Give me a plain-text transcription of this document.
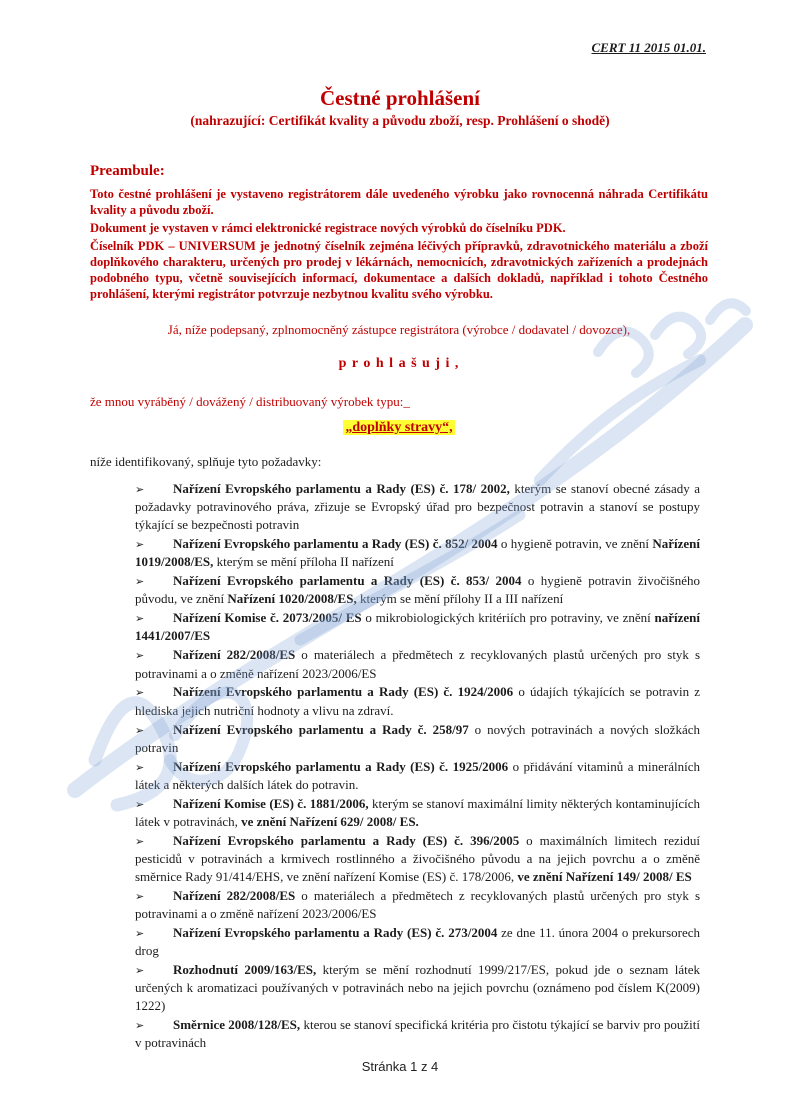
CERT 11 2015 01.01.
Čestné prohlášení
(nahrazující: Certifikát kvality a původu zboží, resp. Prohlášení o shodě)
Preambule:

Toto čestné prohlášení je vystaveno registrátorem dále uvedeného výrobku jako rovnocenná náhrada Certifikátu kvality a původu zboží.

Dokument je vystaven v rámci elektronické registrace nových výrobků do číselníku PDK.

Číselník PDK – UNIVERSUM je jednotný číselník zejména léčivých přípravků, zdravotnického materiálu a zboží doplňkového charakteru, určených pro prodej v lékárnách, nemocnicích, zdravotnických zařízeních a prodejnách podobného typu, včetně souvisejících informací, dokumentace a dalších dokladů, například i tohoto Čestného prohlášení, kterými registrátor potvrzuje nezbytnou kvalitu svého výrobku.

Já, níže podepsaný, zplnomocněný zástupce registrátora (výrobce / dodavatel / dovozce),

p r o h l a š u j i ,

že mnou vyráběný / dovážený / distribuovaný výrobek typu:_

„doplňky stravy“,

níže identifikovaný, splňuje tyto požadavky:

➢ Nařízení Evropského parlamentu a Rady (ES) č. 178/ 2002, kterým se stanoví obecné zásady a požadavky potravinového práva, zřizuje se Evropský úřad pro bezpečnost potravin a stanoví se postupy týkající se bezpečnosti potravin
➢ Nařízení Evropského parlamentu a Rady (ES) č. 852/ 2004 o hygieně potravin, ve znění Nařízení 1019/2008/ES, kterým se mění příloha II nařízení
➢ Nařízení Evropského parlamentu a Rady (ES) č. 853/ 2004 o hygieně potravin živočišného původu, ve znění Nařízení 1020/2008/ES, kterým se mění přílohy II a III nařízení
➢ Nařízení Komise č. 2073/2005/ ES o mikrobiologických kritériích pro potraviny, ve znění nařízení 1441/2007/ES
➢ Nařízení 282/2008/ES o materiálech a předmětech z recyklovaných plastů určených pro styk s potravinami a o změně nařízení 2023/2006/ES
➢ Nařízení Evropského parlamentu a Rady (ES) č. 1924/2006 o údajích týkajících se potravin z hlediska jejich nutriční hodnoty a vlivu na zdraví.
➢ Nařízení Evropského parlamentu a Rady č. 258/97 o nových potravinách a nových složkách potravin
➢ Nařízení Evropského parlamentu a Rady (ES) č. 1925/2006 o přidávání vitaminů a minerálních látek a některých dalších látek do potravin.
➢ Nařízení Komise (ES) č. 1881/2006, kterým se stanoví maximální limity některých kontaminujících látek v potravinách, ve znění Nařízení 629/ 2008/ ES.
➢ Nařízení Evropského parlamentu a Rady (ES) č. 396/2005 o maximálních limitech reziduí pesticidů v potravinách a krmivech rostlinného a živočišného původu a na jejich povrchu a o změně směrnice Rady 91/414/EHS, ve znění nařízení Komise (ES) č. 178/2006, ve znění Nařízení 149/ 2008/ ES
➢ Nařízení 282/2008/ES o materiálech a předmětech z recyklovaných plastů určených pro styk s potravinami a o změně nařízení 2023/2006/ES
➢ Nařízení Evropského parlamentu a Rady (ES) č. 273/2004 ze dne 11. února 2004 o prekursorech drog
➢ Rozhodnutí 2009/163/ES, kterým se mění rozhodnutí 1999/217/ES, pokud jde o seznam látek určených k aromatizaci používaných v potravinách nebo na jejich povrchu (oznámeno pod číslem K(2009) 1222)
➢ Směrnice 2008/128/ES, kterou se stanoví specifická kritéria pro čistotu týkající se barviv pro použití v potravinách
Stránka 1 z 4
